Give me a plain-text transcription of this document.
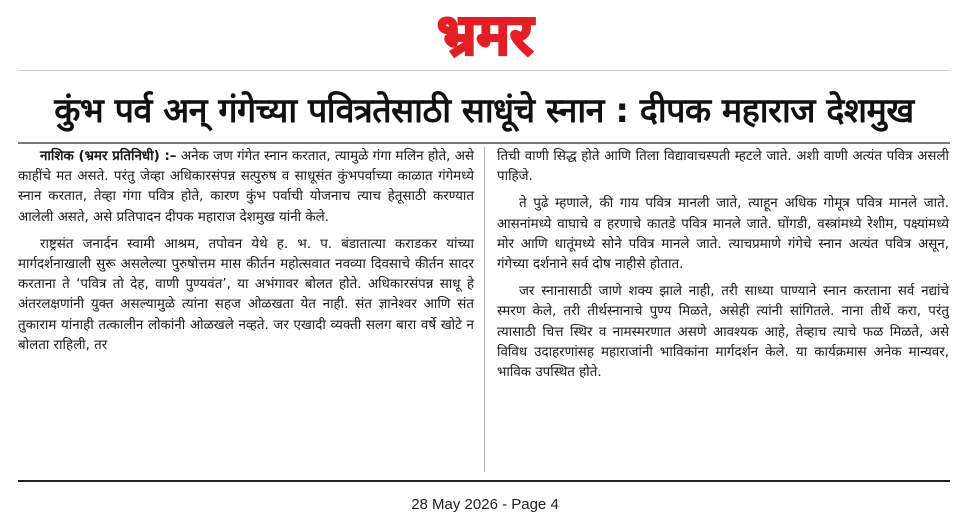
भ्रमर
कुंभ पर्व अन् गंगेच्या पवित्रतेसाठी साधूंचे स्नान : दीपक महाराज देशमुख

नाशिक (भ्रमर प्रतिनिधी) :– अनेक जण गंगेत स्नान करतात, त्यामुळे गंगा मलिन होते, असे काहींचे मत असते. परंतु जेव्हा अधिकारसंपन्न सत्पुरुष व साधूसंत कुंभपर्वाच्या काळात गंगेमध्ये स्नान करतात, तेव्हा गंगा पवित्र होते, कारण कुंभ पर्वाची योजनाच त्याच हेतूसाठी करण्यात आलेली असते, असे प्रतिपादन दीपक महाराज देशमुख यांनी केले.

राष्ट्रसंत जनार्दन स्वामी आश्रम, तपोवन येथे ह. भ. प. बंडातात्या कराडकर यांच्या मार्गदर्शनाखाली सुरू असलेल्या पुरुषोत्तम मास कीर्तन महोत्सवात नवव्या दिवसाचे कीर्तन सादर करताना ते ‘पवित्र तो देह, वाणी पुण्यवंत’, या अभंगावर बोलत होते. अधिकारसंपन्न साधू हे अंतरलक्षणांनी युक्त असल्यामुळे त्यांना सहज ओळखता येत नाही. संत ज्ञानेश्वर आणि संत तुकाराम यांनाही तत्कालीन लोकांनी ओळखले नव्हते. जर एखादी व्यक्ती सलग बारा वर्षे खोटे न बोलता राहिली, तर

तिची वाणी सिद्ध होते आणि तिला विद्यावाचस्पती म्हटले जाते. अशी वाणी अत्यंत पवित्र असली पाहिजे.

ते पुढे म्हणाले, की गाय पवित्र मानली जाते, त्याहून अधिक गोमूत्र पवित्र मानले जाते. आसनांमध्ये वाघाचे व हरणाचे कातडे पवित्र मानले जाते. घोंगडी, वस्त्रांमध्ये रेशीम, पक्ष्यांमध्ये मोर आणि धातूंमध्ये सोने पवित्र मानले जाते. त्याचप्रमाणे गंगेचे स्नान अत्यंत पवित्र असून, गंगेच्या दर्शनाने सर्व दोष नाहीसे होतात.

जर स्नानासाठी जाणे शक्य झाले नाही, तरी साध्या पाण्याने स्नान करताना सर्व नद्यांचे स्मरण केले, तरी तीर्थस्नानाचे पुण्य मिळते, असेही त्यांनी सांगितले. नाना तीर्थे करा, परंतु त्यासाठी चित्त स्थिर व नामस्मरणात असणे आवश्यक आहे, तेव्हाच त्याचे फळ मिळते, असे विविध उदाहरणांसह महाराजांनी भाविकांना मार्गदर्शन केले. या कार्यक्रमास अनेक मान्यवर, भाविक उपस्थित होते.

28 May 2026 - Page 4
